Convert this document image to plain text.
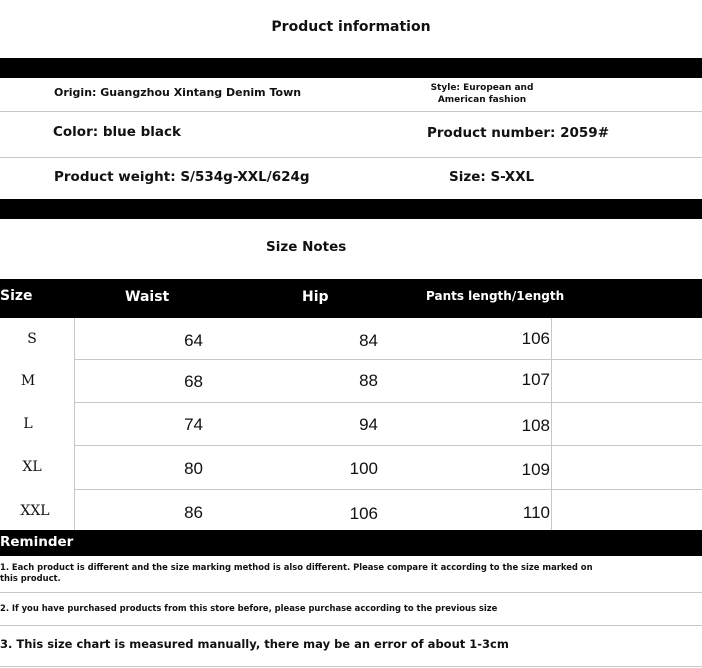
Product information
Origin: Guangzhou Xintang Denim Town	Style: European and
American fashion
Color: blue black	Product number: 2059#
Product weight: S/534g-XXL/624g	Size: S-XXL
Size Notes
Size	Waist	Hip	Pants length/1ength
S	64	84	106
M	68	88	107
L	74	94	108
XL	80	100	109
XXL	86	106	110
Reminder
1. Each product is different and the size marking method is also different. Please compare it according to the size marked on
this product.
2. If you have purchased products from this store before, please purchase according to the previous size
3. This size chart is measured manually, there may be an error of about 1-3cm
